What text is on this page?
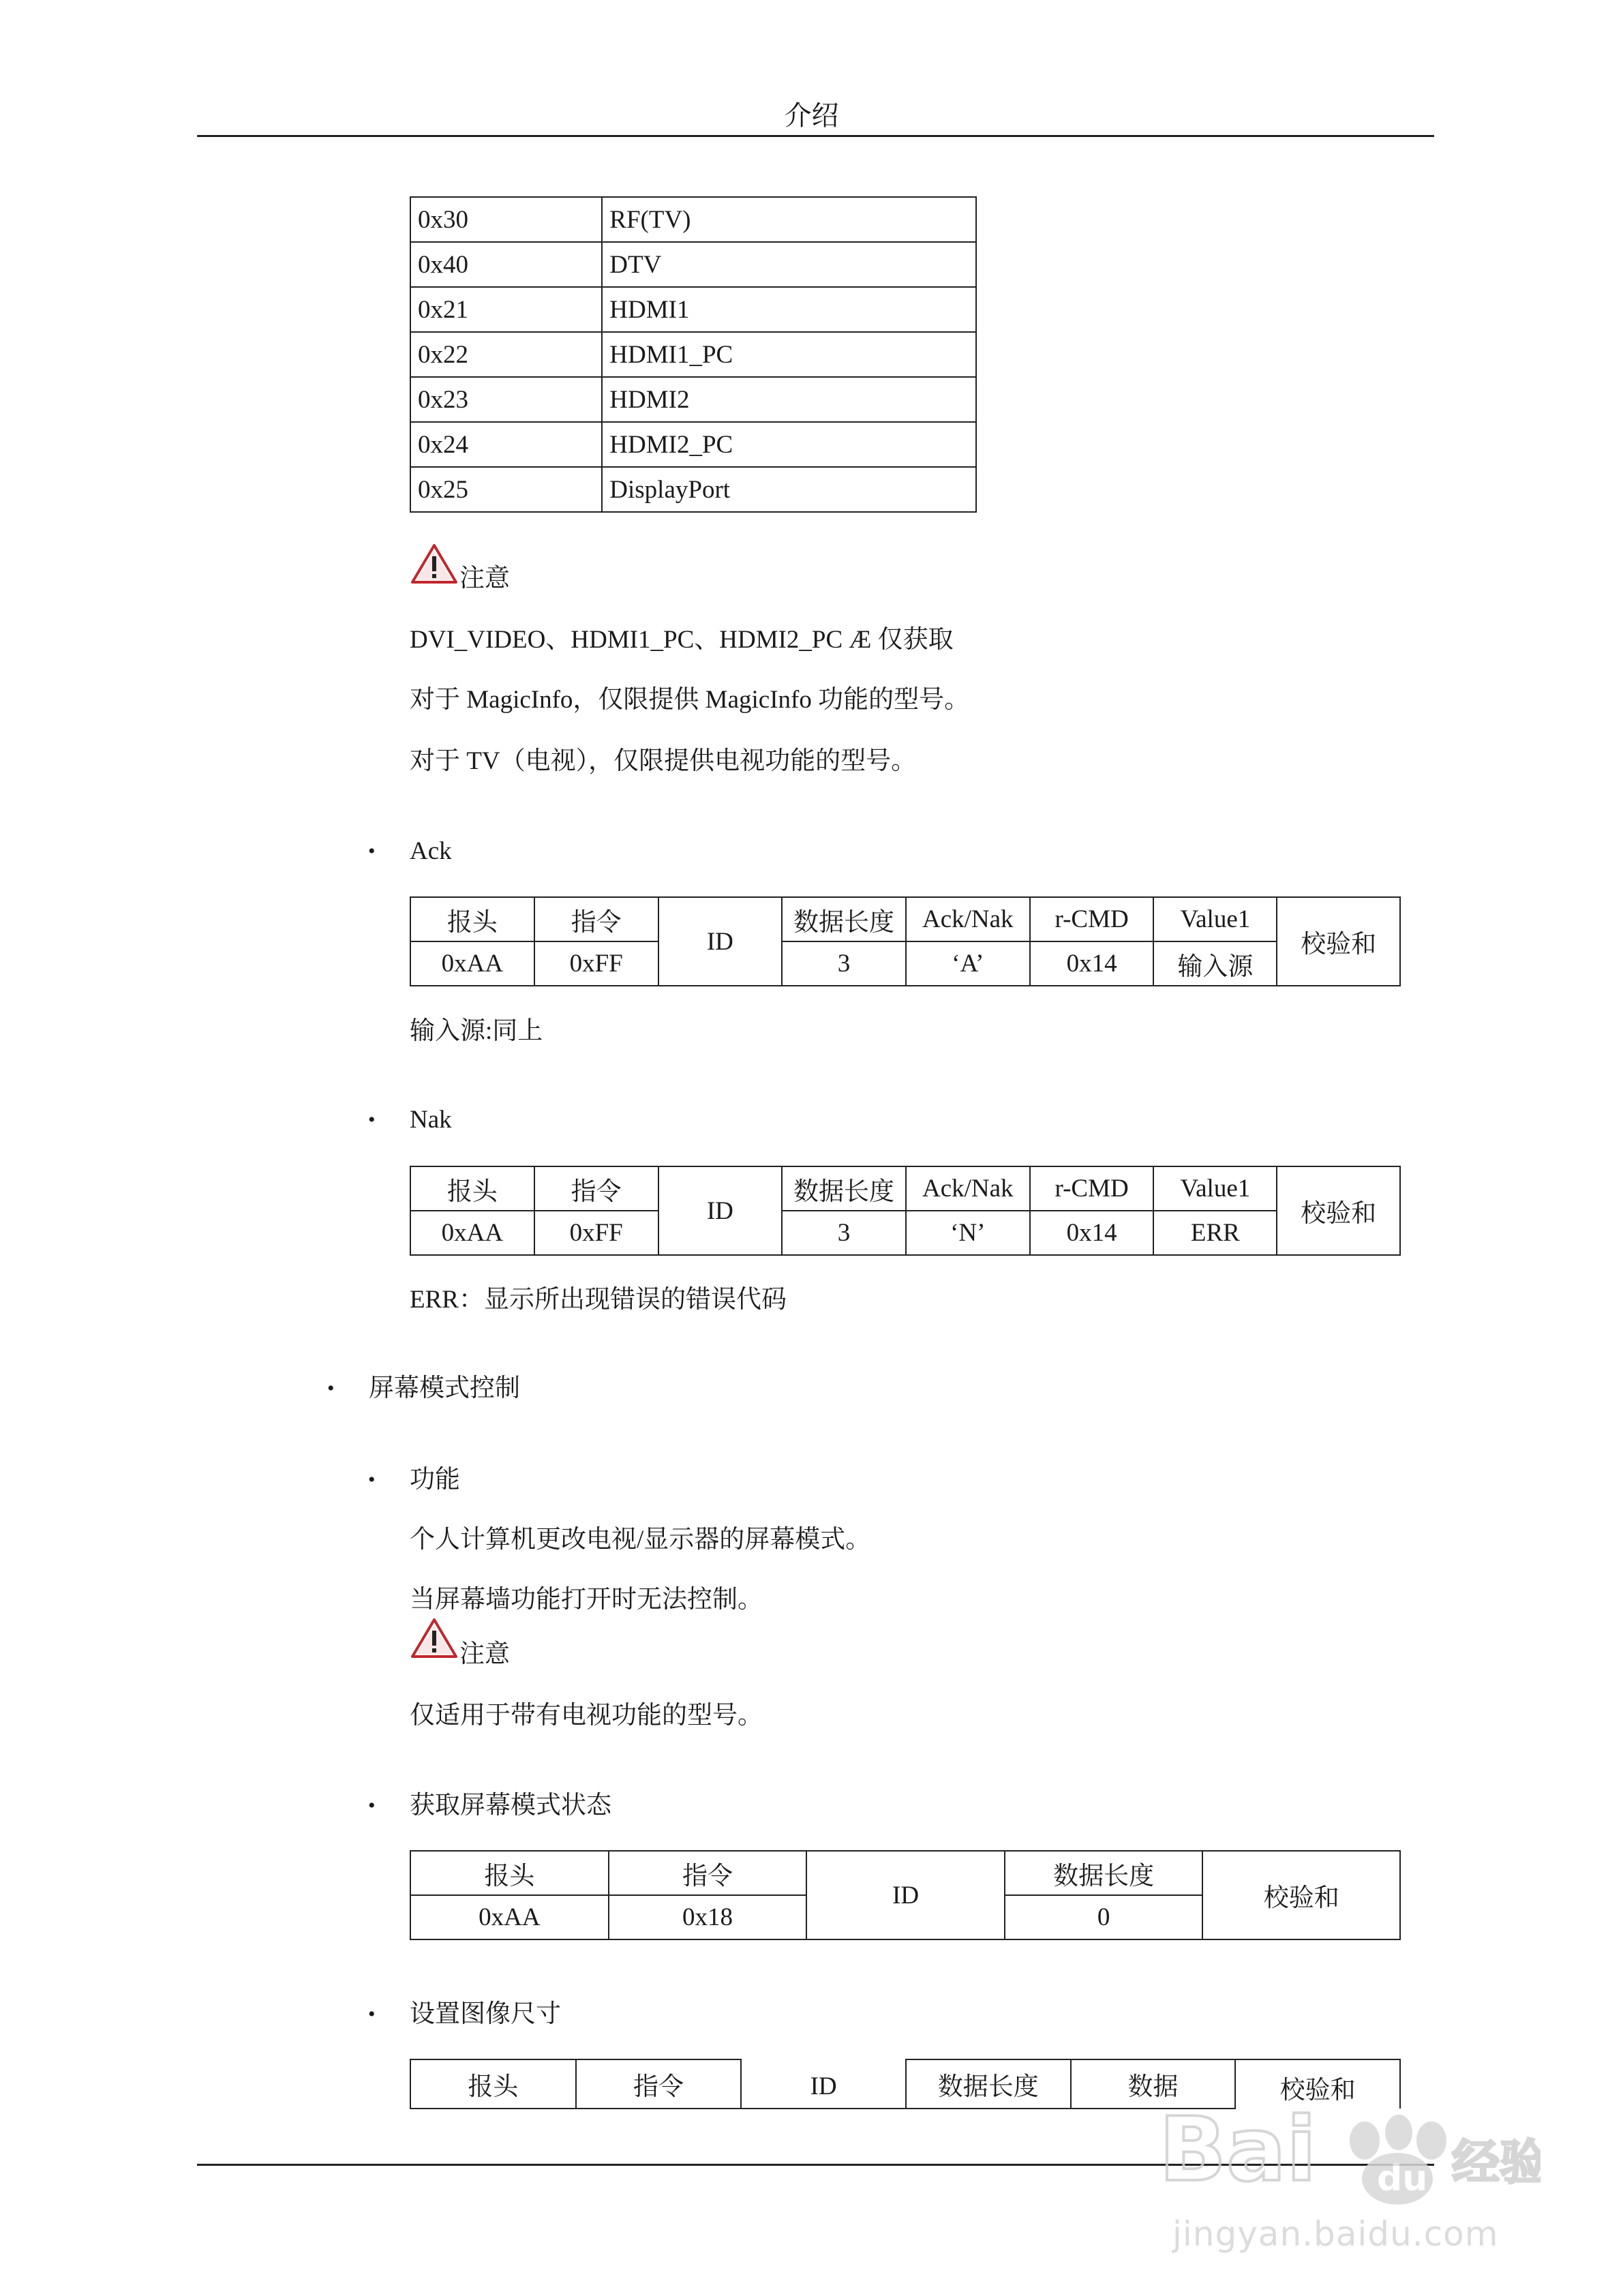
介绍
0x30	RF(TV)
0x40	DTV
0x21	HDMI1
0x22	HDMI1_PC
0x23	HDMI2
0x24	HDMI2_PC
0x25	DisplayPort
注意
DVI_VIDEO、HDMI1_PC、HDMI2_PC Æ 仅获取
对于 MagicInfo，仅限提供 MagicInfo 功能的型号。
对于 TV（电视），仅限提供电视功能的型号。
• Ack
报头	指令	ID	数据长度	Ack/Nak	r-CMD	Value1	校验和
0xAA	0xFF		3	‘A’	0x14	输入源	
输入源:同上
• Nak
报头	指令	ID	数据长度	Ack/Nak	r-CMD	Value1	校验和
0xAA	0xFF		3	‘N’	0x14	ERR	
ERR：显示所出现错误的错误代码
• 屏幕模式控制
• 功能
个人计算机更改电视/显示器的屏幕模式。
当屏幕墙功能打开时无法控制。
注意
仅适用于带有电视功能的型号。
• 获取屏幕模式状态
报头	指令	ID	数据长度	校验和
0xAA	0x18		0	
• 设置图像尺寸
报头	指令	ID	数据长度	数据	校验和
Bai du 经验
jingyan.baidu.com
